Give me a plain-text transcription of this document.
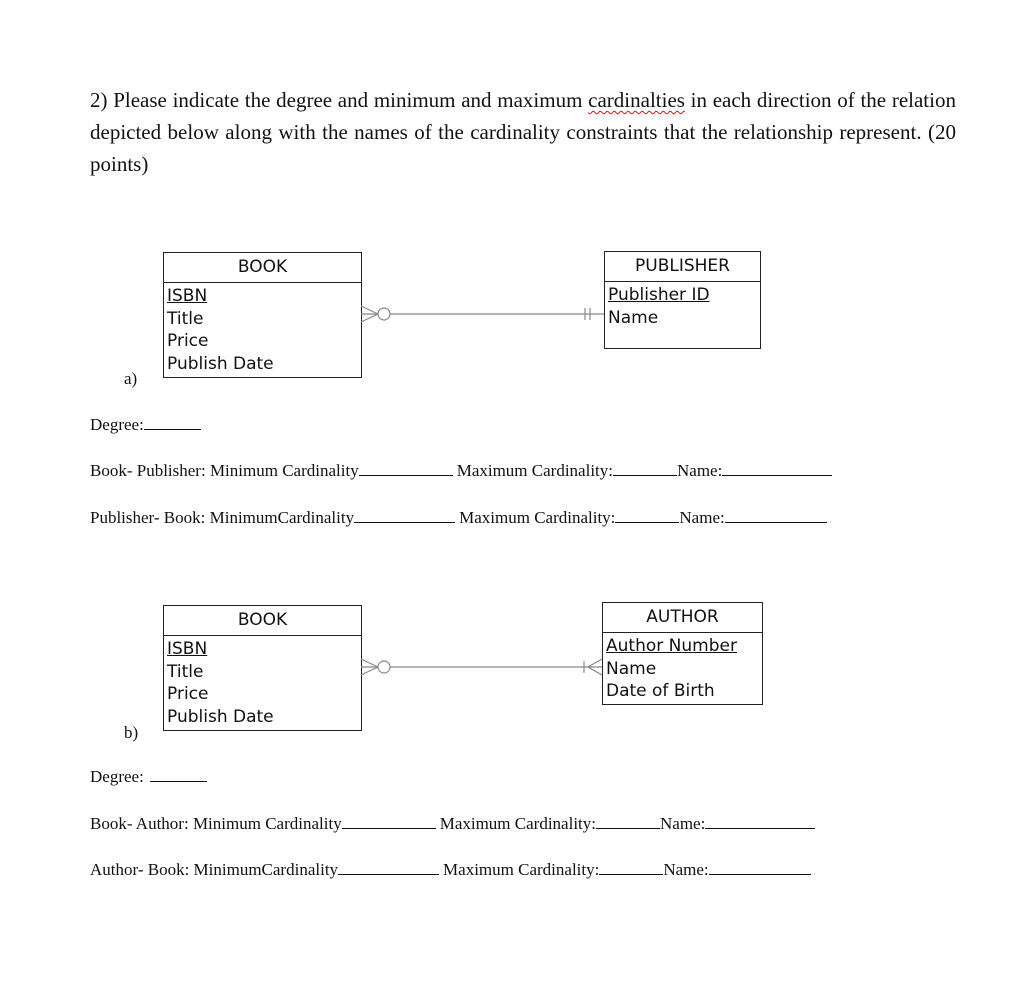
2) Please indicate the degree and minimum and maximum cardinalties in each direction of the relation depicted below along with the names of the cardinality constraints that the relationship represent. (20 points)

BOOK
ISBN
Title
Price
Publish Date
PUBLISHER
Publisher ID
Name
a)
Degree:
Book- Publisher: Minimum Cardinality	Maximum Cardinality:	Name:
Publisher- Book: MinimumCardinality	Maximum Cardinality:	Name:
BOOK
ISBN
Title
Price
Publish Date
AUTHOR
Author Number
Name
Date of Birth
b)
Degree:
Book- Author: Minimum Cardinality	Maximum Cardinality:	Name:
Author- Book: MinimumCardinality	Maximum Cardinality:	Name:
